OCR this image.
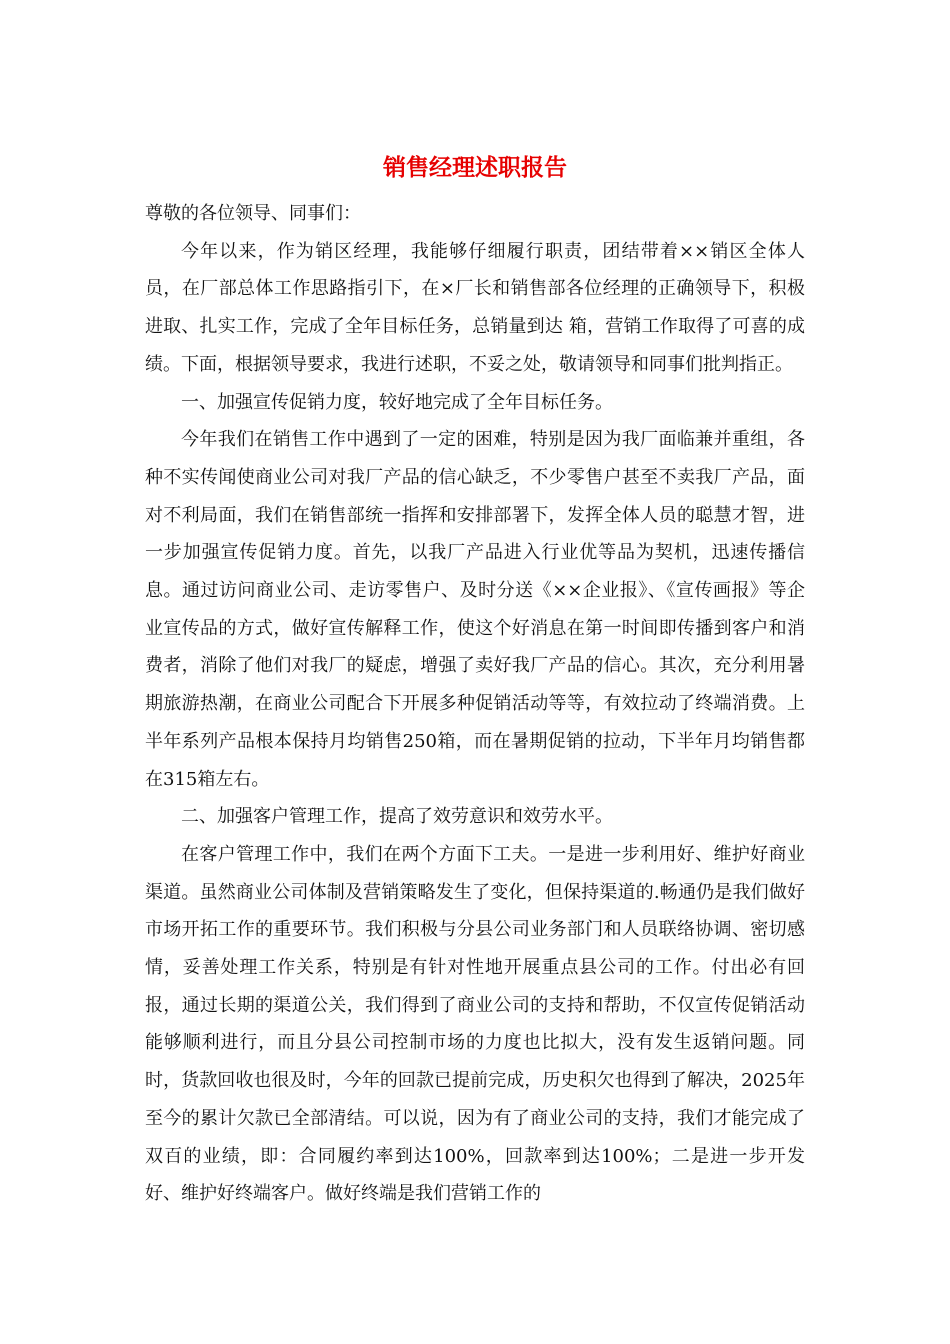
销售经理述职报告

尊敬的各位领导、同事们：

今年以来，作为销区经理，我能够仔细履行职责，团结带着××销区全体人员，在厂部总体工作思路指引下，在×厂长和销售部各位经理的正确领导下，积极进取、扎实工作，完成了全年目标任务，总销量到达 箱，营销工作取得了可喜的成绩。下面，根据领导要求，我进行述职，不妥之处，敬请领导和同事们批判指正。

一、加强宣传促销力度，较好地完成了全年目标任务。

今年我们在销售工作中遇到了一定的困难，特别是因为我厂面临兼并重组，各种不实传闻使商业公司对我厂产品的信心缺乏，不少零售户甚至不卖我厂产品，面对不利局面，我们在销售部统一指挥和安排部署下，发挥全体人员的聪慧才智，进一步加强宣传促销力度。首先，以我厂产品进入行业优等品为契机，迅速传播信息。通过访问商业公司、走访零售户、及时分送《××企业报》、《宣传画报》等企业宣传品的方式，做好宣传解释工作，使这个好消息在第一时间即传播到客户和消费者，消除了他们对我厂的疑虑，增强了卖好我厂产品的信心。其次，充分利用暑期旅游热潮，在商业公司配合下开展多种促销活动等等，有效拉动了终端消费。上半年系列产品根本保持月均销售250箱，而在暑期促销的拉动，下半年月均销售都在315箱左右。

二、加强客户管理工作，提高了效劳意识和效劳水平。

在客户管理工作中，我们在两个方面下工夫。一是进一步利用好、维护好商业渠道。虽然商业公司体制及营销策略发生了变化，但保持渠道的.畅通仍是我们做好市场开拓工作的重要环节。我们积极与分县公司业务部门和人员联络协调、密切感情，妥善处理工作关系，特别是有针对性地开展重点县公司的工作。付出必有回报，通过长期的渠道公关，我们得到了商业公司的支持和帮助，不仅宣传促销活动能够顺利进行，而且分县公司控制市场的力度也比拟大，没有发生返销问题。同时，货款回收也很及时，今年的回款已提前完成，历史积欠也得到了解决，2025年至今的累计欠款已全部清结。可以说，因为有了商业公司的支持，我们才能完成了双百的业绩，即：合同履约率到达100%，回款率到达100%；二是进一步开发好、维护好终端客户。做好终端是我们营销工作的
